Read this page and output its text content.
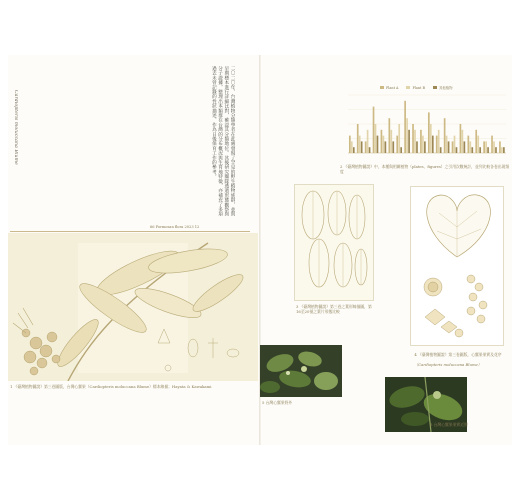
二〇二〇年，台灣植物分類學者在此處發現了罕見的野生植物族群，並與早期標本進行詳細比對，確認其分類地位。其後研究團隊透過形態觀察與分子證據，整理出本類群在台灣的分布概況與生育地特徵，亦補充了多項過去未曾記錄的性狀描述，作為日後保育工作的參考。
Cardiopteris moluccana Blume
66 Formosan flora 2023 12
1 《臺灣植物圖說》第三卷圖版，台灣心翼果（Cardiopteris moluccana Blume）標本線描；Hayata & Kawakami
Plant A	Plant B	其他植物
2 《臺灣植物圖說》中，本種與相關植物（plates、figures）之引用次數統計，並列比較各卷出現頻度
3 《臺灣植物圖說》第三卷之葉形線描圖，第16至20號之葉片形態比較

4 《臺灣植物圖說》第三卷圖版，心翼果果實及花序

（Cardiopteris moluccana Blume）

5 台灣心翼果野外
6 台灣心翼果果實近照
